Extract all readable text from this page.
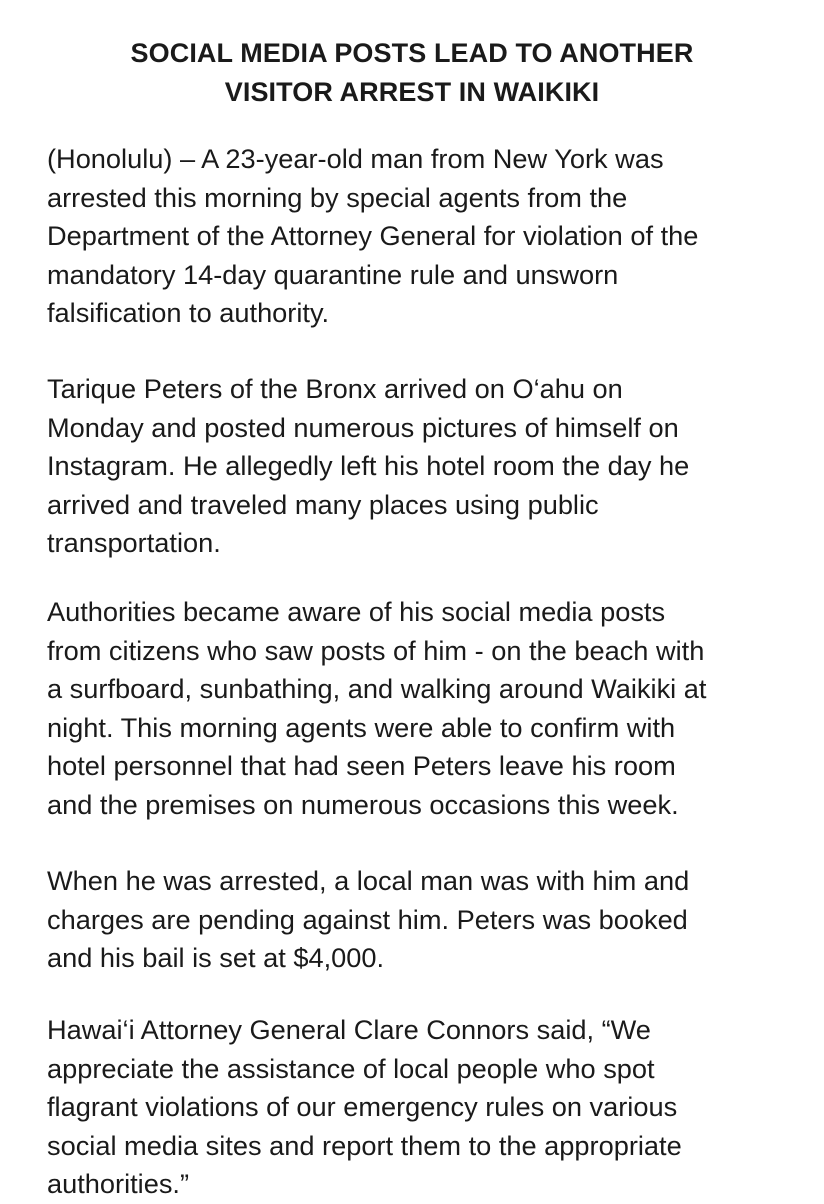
SOCIAL MEDIA POSTS LEAD TO ANOTHER
VISITOR ARREST IN WAIKIKI

(Honolulu) – A 23-year-old man from New York was
arrested this morning by special agents from the
Department of the Attorney General for violation of the
mandatory 14-day quarantine rule and unsworn
falsification to authority.

Tarique Peters of the Bronx arrived on O‘ahu on
Monday and posted numerous pictures of himself on
Instagram. He allegedly left his hotel room the day he
arrived and traveled many places using public
transportation.

Authorities became aware of his social media posts
from citizens who saw posts of him - on the beach with
a surfboard, sunbathing, and walking around Waikiki at
night. This morning agents were able to confirm with
hotel personnel that had seen Peters leave his room
and the premises on numerous occasions this week.

When he was arrested, a local man was with him and
charges are pending against him. Peters was booked
and his bail is set at $4,000.

Hawai‘i Attorney General Clare Connors said, “We
appreciate the assistance of local people who spot
flagrant violations of our emergency rules on various
social media sites and report them to the appropriate
authorities.”
